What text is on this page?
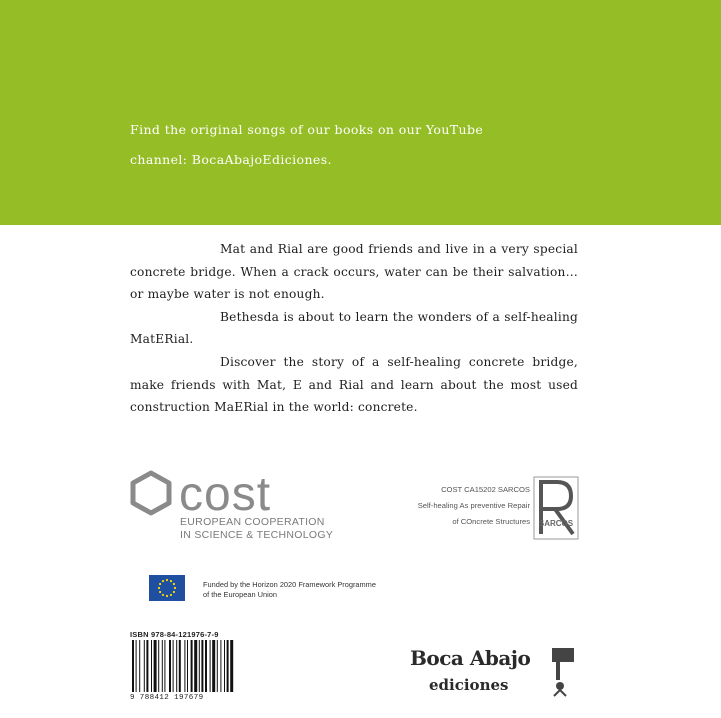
Find the original songs of our books on our YouTube

channel: BocaAbajoEdiciones.

Mat and Rial are good friends and live in a very special concrete bridge. When a crack occurs, water can be their salvation… or maybe water is not enough.

Bethesda is about to learn the wonders of a self-healing MatERial.

Discover the story of a self-healing concrete bridge, make friends with Mat, E and Rial and learn about the most used construction MaERial in the world: concrete.

cost
EUROPEAN COOPERATION
IN SCIENCE & TECHNOLOGY
COST CA15202 SARCOS
Self-healing As preventive Repair
of COncrete Structures SARCOS
Funded by the Horizon 2020 Framework Programme
of the European Union
ISBN 978-84-121976-7-9
9 788412 197679
Boca Abajo
ediciones
